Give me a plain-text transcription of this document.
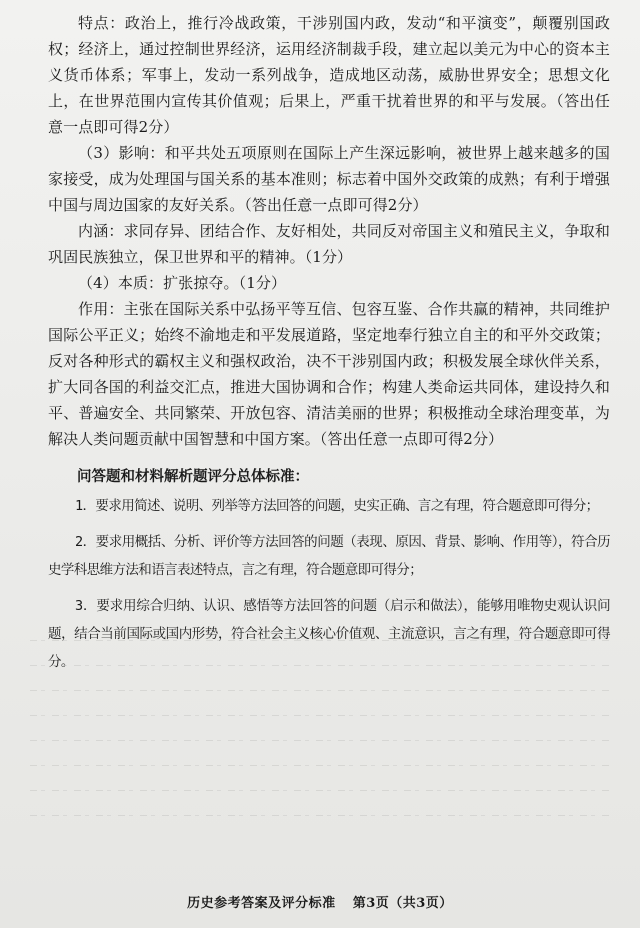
特点：政治上，推行冷战政策，干涉别国内政，发动“和平演变”，颠覆别国政权；经济上，通过控制世界经济，运用经济制裁手段，建立起以美元为中心的资本主义货币体系；军事上，发动一系列战争，造成地区动荡，威胁世界安全；思想文化上，在世界范围内宣传其价值观；后果上，严重干扰着世界的和平与发展。（答出任意一点即可得2分）

（3）影响：和平共处五项原则在国际上产生深远影响，被世界上越来越多的国家接受，成为处理国与国关系的基本准则；标志着中国外交政策的成熟；有利于增强中国与周边国家的友好关系。（答出任意一点即可得2分）

内涵：求同存异、团结合作、友好相处，共同反对帝国主义和殖民主义，争取和巩固民族独立，保卫世界和平的精神。（1分）

（4）本质：扩张掠夺。（1分）

作用：主张在国际关系中弘扬平等互信、包容互鉴、合作共赢的精神，共同维护国际公平正义；始终不渝地走和平发展道路，坚定地奉行独立自主的和平外交政策；反对各种形式的霸权主义和强权政治，决不干涉别国内政；积极发展全球伙伴关系，扩大同各国的利益交汇点，推进大国协调和合作；构建人类命运共同体，建设持久和平、普遍安全、共同繁荣、开放包容、清洁美丽的世界；积极推动全球治理变革，为解决人类问题贡献中国智慧和中国方案。（答出任意一点即可得2分）

问答题和材料解析题评分总体标准：
1．要求用简述、说明、列举等方法回答的问题，史实正确、言之有理，符合题意即可得分；
2．要求用概括、分析、评价等方法回答的问题（表现、原因、背景、影响、作用等），符合历史学科思维方法和语言表述特点，言之有理，符合题意即可得分；
3．要求用综合归纳、认识、感悟等方法回答的问题（启示和做法），能够用唯物史观认识问题，结合当前国际或国内形势，符合社会主义核心价值观、主流意识，言之有理，符合题意即可得分。
历史参考答案及评分标准 第3页（共3页）
